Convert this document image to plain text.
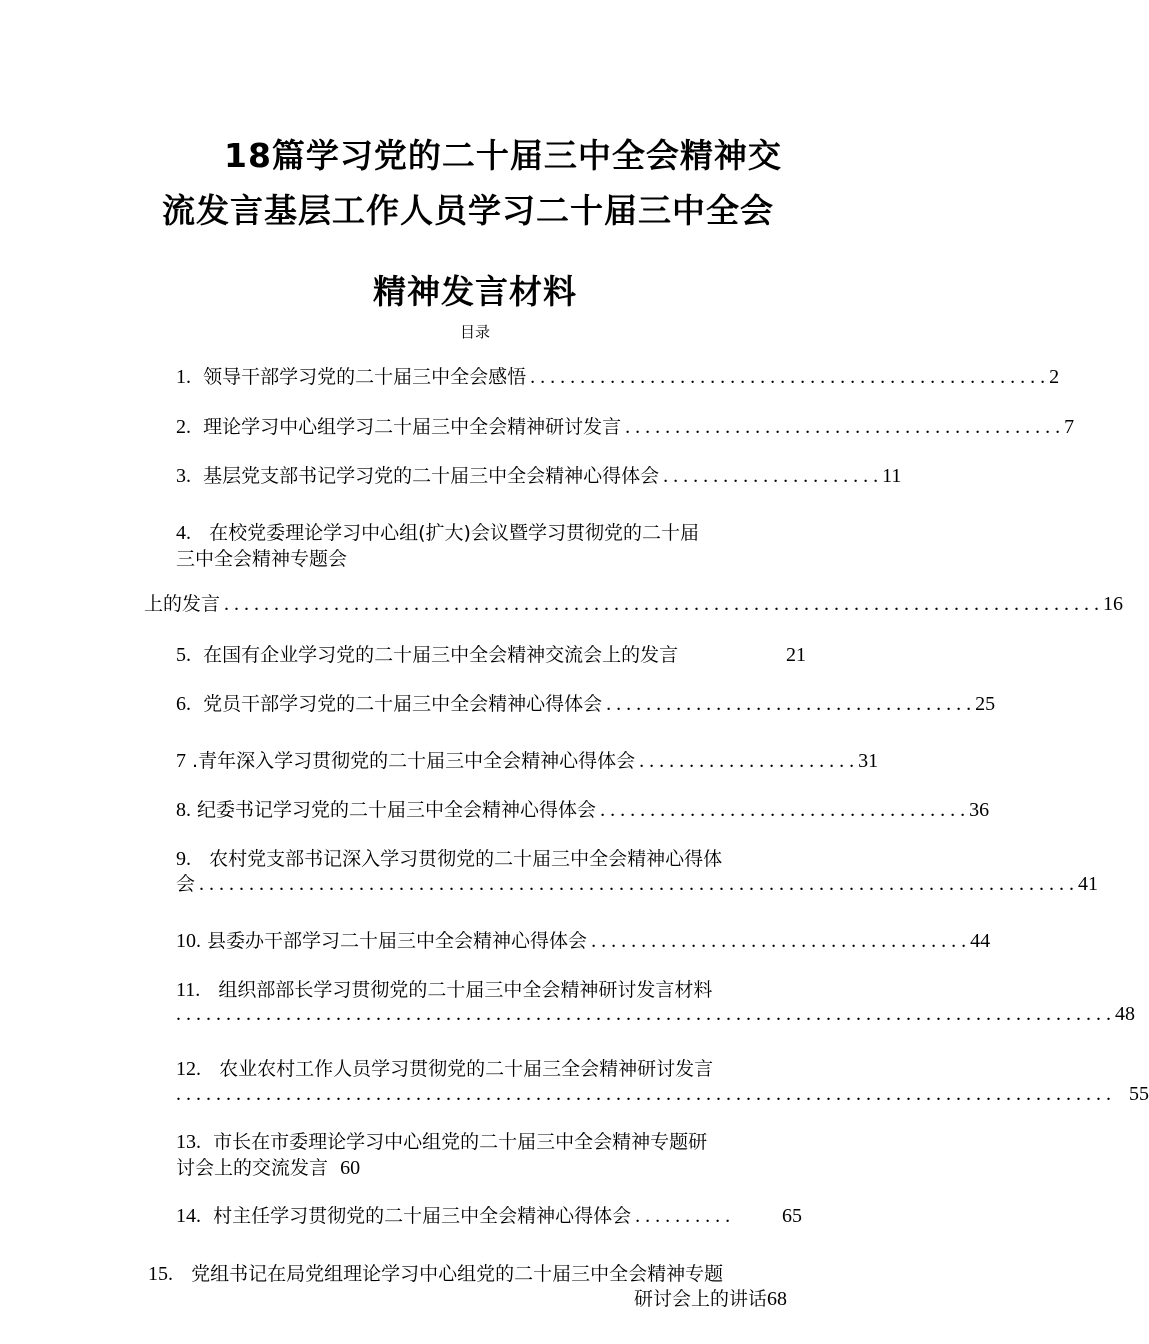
18篇学习党的二十届三中全会精神交
流发言基层工作人员学习二十届三中全会
精神发言材料
目录
1.
领导干部学习党的二十届三中全会感悟 . . . . . . . . . . . . . . . . . . . . . . . . . . . . . . . . . . . . . . . . . . . . . . . . . . . . 2
2.
理论学习中心组学习二十届三中全会精神研讨发言 . . . . . . . . . . . . . . . . . . . . . . . . . . . . . . . . . . . . . . . . . . . . 7
3.
基层党支部书记学习党的二十届三中全会精神心得体会 . . . . . . . . . . . . . . . . . . . . . . 11
4. 在校党委理论学习中心组(扩大)会议暨学习贯彻党的二十届
三中全会精神专题会
上的发言 . . . . . . . . . . . . . . . . . . . . . . . . . . . . . . . . . . . . . . . . . . . . . . . . . . . . . . . . . . . . . . . . . . . . . . . . . . . . . . . . . . . . . . . . 16
5.
在国有企业学习党的二十届三中全会精神交流会上的发言	21
6.
党员干部学习党的二十届三中全会精神心得体会 . . . . . . . . . . . . . . . . . . . . . . . . . . . . . . . . . . . . . 25
7
.青年深入学习贯彻党的二十届三中全会精神心得体会 . . . . . . . . . . . . . . . . . . . . . . 31
8.
纪委书记学习党的二十届三中全会精神心得体会 . . . . . . . . . . . . . . . . . . . . . . . . . . . . . . . . . . . . . 36
9. 农村党支部书记深入学习贯彻党的二十届三中全会精神心得体
会 . . . . . . . . . . . . . . . . . . . . . . . . . . . . . . . . . . . . . . . . . . . . . . . . . . . . . . . . . . . . . . . . . . . . . . . . . . . . . . . . . . . . . . . . 41
10.
县委办干部学习二十届三中全会精神心得体会 . . . . . . . . . . . . . . . . . . . . . . . . . . . . . . . . . . . . . . 44
11. 组织部部长学习贯彻党的二十届三中全会精神研讨发言材料
. . . . . . . . . . . . . . . . . . . . . . . . . . . . . . . . . . . . . . . . . . . . . . . . . . . . . . . . . . . . . . . . . . . . . . . . . . . . . . . . . . . . . . . . . . . . . . 48
12. 农业农村工作人员学习贯彻党的二十届三全会精神研讨发言
. . . . . . . . . . . . . . . . . . . . . . . . . . . . . . . . . . . . . . . . . . . . . . . . . . . . . . . . . . . . . . . . . . . . . . . . . . . . . . . . . . . . . . . . . . . . . . 55
13. 市长在市委理论学习中心组党的二十届三中全会精神专题研
讨会上的交流发言 60
14.
村主任学习贯彻党的二十届三中全会精神心得体会 . . . . . . . . . .	65
15. 党组书记在局党组理论学习中心组党的二十届三中全会精神专题
研讨会上的讲话68
